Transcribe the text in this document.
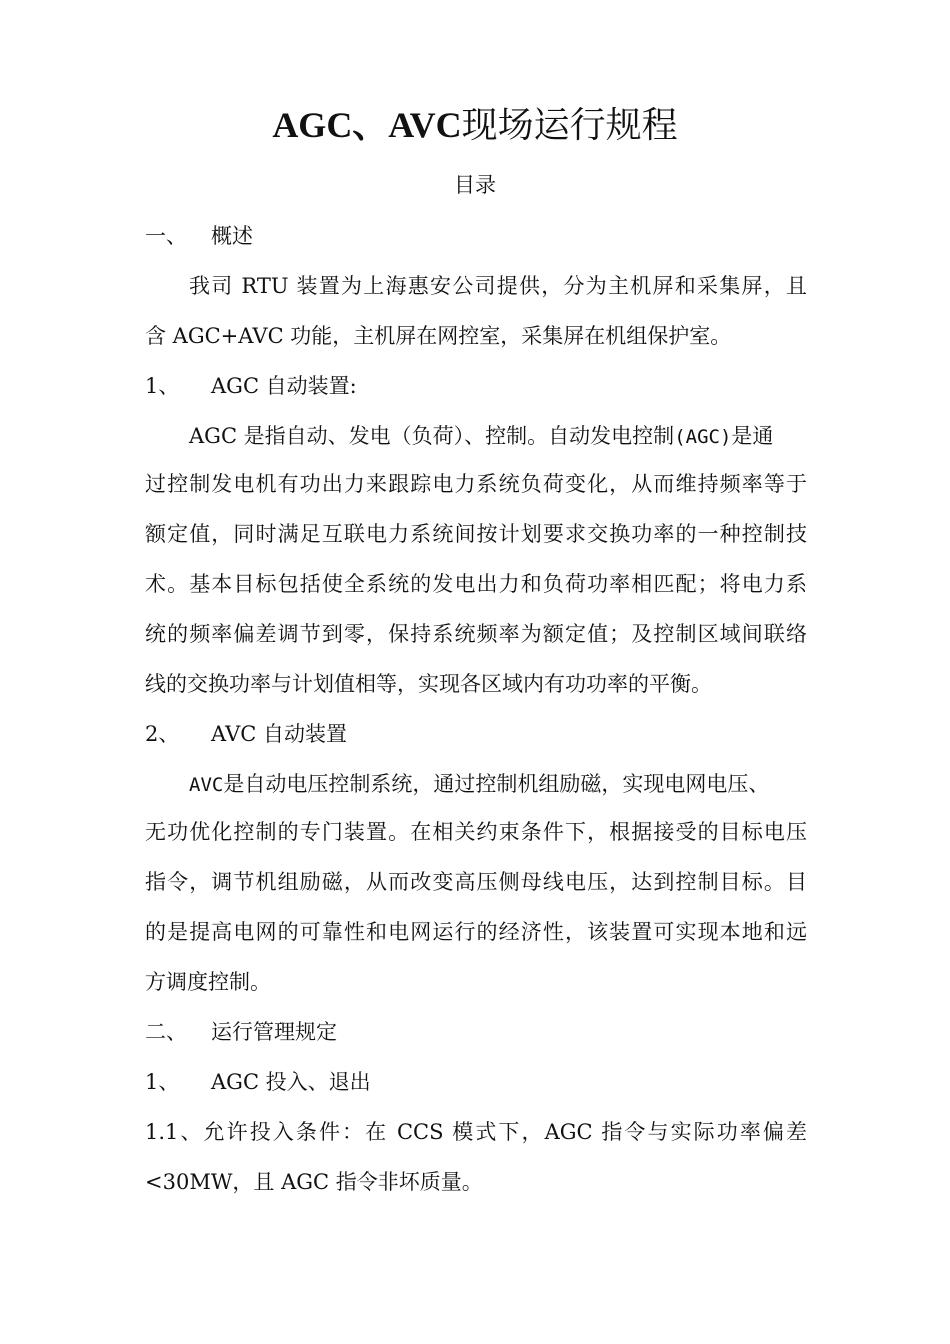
AGC、AVC现场运行规程
目录
一、 概述
我司 RTU 装置为上海惠安公司提供，分为主机屏和采集屏，且
含 AGC+AVC 功能，主机屏在网控室，采集屏在机组保护室。
1、 AGC 自动装置:
AGC 是指自动、发电（负荷）、控制。自动发电控制(AGC)是通
过控制发电机有功出力来跟踪电力系统负荷变化，从而维持频率等于
额定值，同时满足互联电力系统间按计划要求交换功率的一种控制技
术。基本目标包括使全系统的发电出力和负荷功率相匹配；将电力系
统的频率偏差调节到零，保持系统频率为额定值；及控制区域间联络
线的交换功率与计划值相等，实现各区域内有功功率的平衡。
2、 AVC 自动装置
AVC是自动电压控制系统，通过控制机组励磁，实现电网电压、
无功优化控制的专门装置。在相关约束条件下，根据接受的目标电压
指令，调节机组励磁，从而改变高压侧母线电压，达到控制目标。目
的是提高电网的可靠性和电网运行的经济性，该装置可实现本地和远
方调度控制。
二、 运行管理规定
1、 AGC 投入、退出
1.1、允许投入条件：在 CCS 模式下，AGC 指令与实际功率偏差
<30MW，且 AGC 指令非坏质量。
